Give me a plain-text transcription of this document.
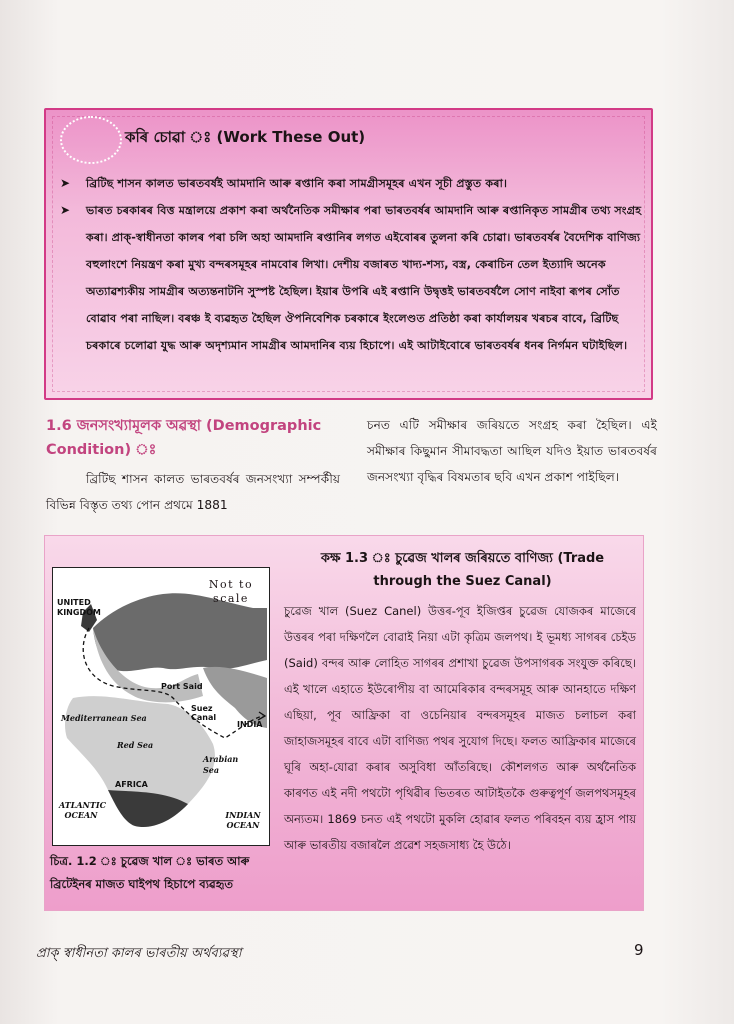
কৰি চোৱা ঃ (Work These Out)
➤ ব্ৰিটিছ শাসন কালত ভাৰতবৰ্ষই আমদানি আৰু ৰপ্তানি কৰা সামগ্ৰীসমূহৰ এখন সূচী প্ৰস্তুত কৰা।
➤ ভাৰত চৰকাৰৰ বিত্ত মন্ত্ৰালয়ে প্ৰকাশ কৰা অৰ্থনৈতিক সমীক্ষাৰ পৰা ভাৰতবৰ্ষৰ আমদানি আৰু ৰপ্তানিকৃত সামগ্ৰীৰ তথ্য সংগ্ৰহ কৰা। প্ৰাক্-স্বাধীনতা কালৰ পৰা চলি অহা আমদানি ৰপ্তানিৰ লগত এইবোৰৰ তুলনা কৰি চোৱা। ভাৰতবৰ্ষৰ বৈদেশিক বাণিজ্য বহুলাংশে নিয়ন্ত্ৰণ কৰা মুখ্য বন্দৰসমূহৰ নামবোৰ লিখা। দেশীয় বজাৰত খাদ্য-শস্য, বস্ত্ৰ, কেৰাচিন তেল ইত্যাদি অনেক অত্যাৱশ্যকীয় সামগ্ৰীৰ অত্যন্তনাটনি সুস্পষ্ট হৈছিল। ইয়াৰ উপৰি এই ৰপ্তানি উদ্বৃত্তই ভাৰতবৰ্ষলৈ সোণ নাইবা ৰূপৰ সোঁত বোৱাব পৰা নাছিল। বৰঞ্চ ই ব্যৱহৃত হৈছিল ঔপনিবেশিক চৰকাৰে ইংলেণ্ডত প্ৰতিষ্ঠা কৰা কাৰ্যালয়ৰ খৰচৰ বাবে, ব্ৰিটিছ চৰকাৰে চলোৱা যুদ্ধ আৰু অদৃশ্যমান সামগ্ৰীৰ আমদানিৰ ব্যয় হিচাপে। এই আটাইবোৰে ভাৰতবৰ্ষৰ ধনৰ নিৰ্গমন ঘটাইছিল।
1.6 জনসংখ্যামূলক অৱস্থা (Demographic Condition) ঃ
ব্ৰিটিছ শাসন কালত ভাৰতবৰ্ষৰ জনসংখ্যা সম্পৰ্কীয় বিভিন্ন বিস্তৃত তথ্য পোন প্ৰথমে 1881
চনত এটি সমীক্ষাৰ জৰিয়তে সংগ্ৰহ কৰা হৈছিল। এই সমীক্ষাৰ কিছুমান সীমাবদ্ধতা আছিল যদিও ইয়াত ভাৰতবৰ্ষৰ জনসংখ্যা বৃদ্ধিৰ বিষমতাৰ ছবি এখন প্ৰকাশ পাইছিল।
Not to scale
UNITED KINGDOM
Port Said
Mediterranean Sea
Suez Canal
INDIA
Red Sea
Arabian Sea
AFRICA
ATLANTIC OCEAN	INDIAN OCEAN
চিত্ৰ. 1.2 ঃ চুৱেজ খাল ঃ ভাৰত আৰু ব্ৰিটেইনৰ মাজত ঘাইপথ হিচাপে ব্যৱহৃত
কক্ষ 1.3 ঃ চুৱেজ খালৰ জৰিয়তে বাণিজ্য (Trade through the Suez Canal)
চুৱেজ খাল (Suez Canel) উত্তৰ-পূব ইজিপ্তৰ চুৱেজ যোজকৰ মাজেৰে উত্তৰৰ পৰা দক্ষিণলৈ বোৱাই নিয়া এটা কৃত্ৰিম জলপথ। ই ভূমধ্য সাগৰৰ চেইড (Said) বন্দৰ আৰু লোহিত সাগৰৰ প্ৰশাখা চুৱেজ উপসাগৰক সংযুক্ত কৰিছে। এই খালে এহাতে ইউৰোপীয় বা আমেৰিকাৰ বন্দৰসমূহ আৰু আনহাতে দক্ষিণ এছিয়া, পূব আফ্ৰিকা বা ওচেনিয়াৰ বন্দৰসমূহৰ মাজত চলাচল কৰা জাহাজসমূহৰ বাবে এটা বাণিজ্য পথৰ সুযোগ দিছে। ফলত আফ্ৰিকাৰ মাজেৰে ঘূৰি অহা-যোৱা কৰাৰ অসুবিধা আঁতৰিছে। কৌশলগত আৰু অৰ্থনৈতিক কাৰণত এই নদী পথটো পৃথিৱীৰ ভিতৰত আটাইতকৈ গুৰুত্বপূৰ্ণ জলপথসমূহৰ অন্যতম। 1869 চনত এই পথটো মুকলি হোৱাৰ ফলত পৰিবহন ব্যয় হ্ৰাস পায় আৰু ভাৰতীয় বজাৰলৈ প্ৰৱেশ সহজসাধ্য হৈ উঠে।
প্ৰাক্ স্বাধীনতা কালৰ ভাৰতীয় অৰ্থব্যৱস্থা	9
